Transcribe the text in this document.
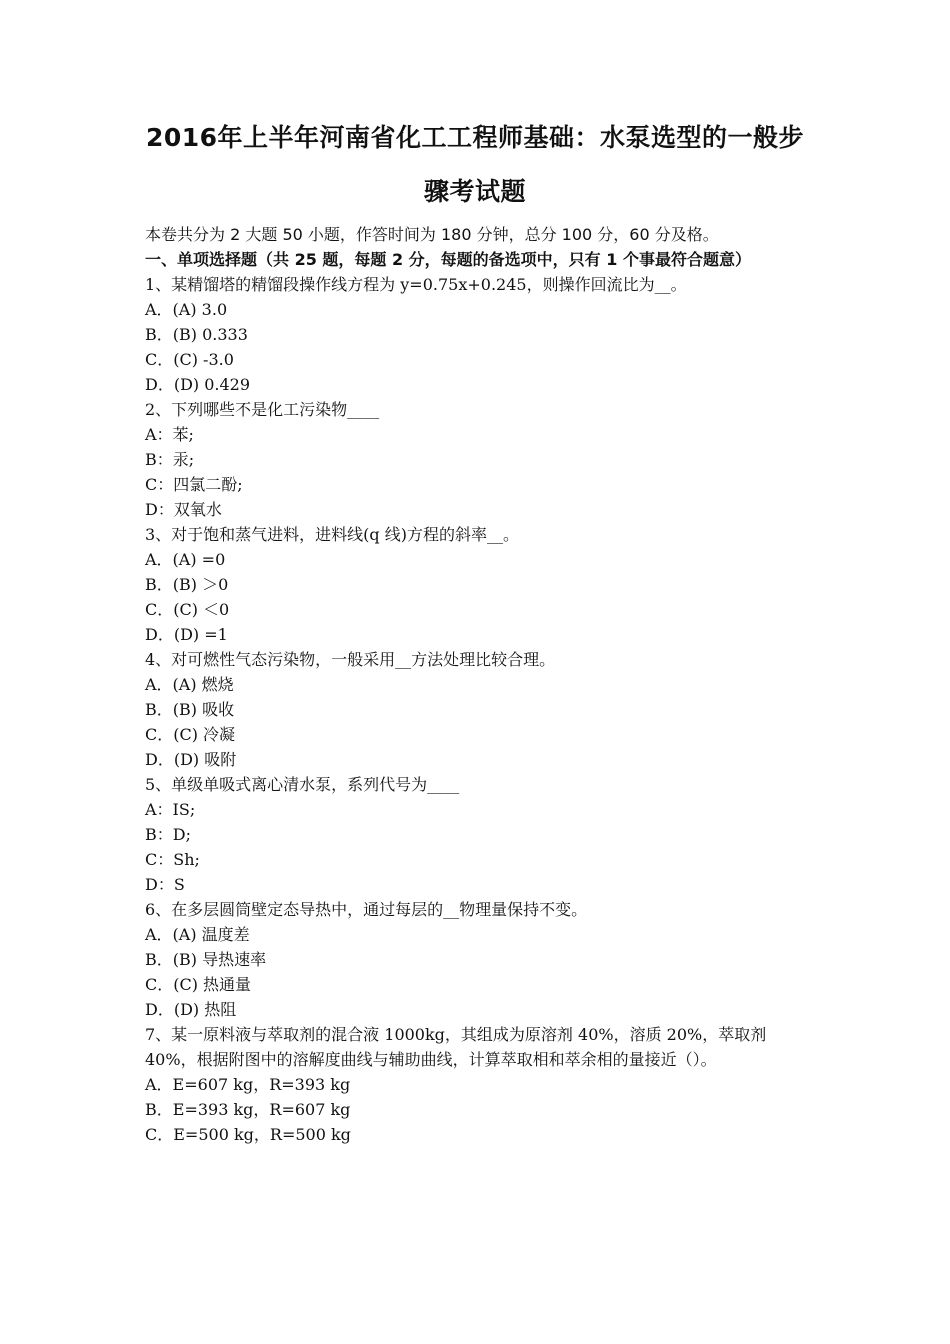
2016年上半年河南省化工工程师基础：水泵选型的一般步
骤考试题
本卷共分为 2 大题 50 小题，作答时间为 180 分钟，总分 100 分，60 分及格。
一、单项选择题（共 25 题，每题 2 分，每题的备选项中，只有 1 个事最符合题意）
1、某精馏塔的精馏段操作线方程为 y=0.75x+0.245，则操作回流比为__。
A．(A) 3.0
B．(B) 0.333
C．(C) -3.0
D．(D) 0.429
2、下列哪些不是化工污染物____
A：苯;
B：汞;
C：四氯二酚;
D：双氧水
3、对于饱和蒸气进料，进料线(q 线)方程的斜率__。
A．(A) =0
B．(B) ＞0
C．(C) ＜0
D．(D) =1
4、对可燃性气态污染物，一般采用__方法处理比较合理。
A．(A) 燃烧
B．(B) 吸收
C．(C) 冷凝
D．(D) 吸附
5、单级单吸式离心清水泵，系列代号为____
A：IS;
B：D;
C：Sh;
D：S
6、在多层圆筒壁定态导热中，通过每层的__物理量保持不变。
A．(A) 温度差
B．(B) 导热速率
C．(C) 热通量
D．(D) 热阻
7、某一原料液与萃取剂的混合液 1000kg，其组成为原溶剂 40%，溶质 20%，萃取剂 40%，根据附图中的溶解度曲线与辅助曲线，计算萃取相和萃余相的量接近（）。
A．E=607 kg，R=393 kg
B．E=393 kg，R=607 kg
C．E=500 kg，R=500 kg
